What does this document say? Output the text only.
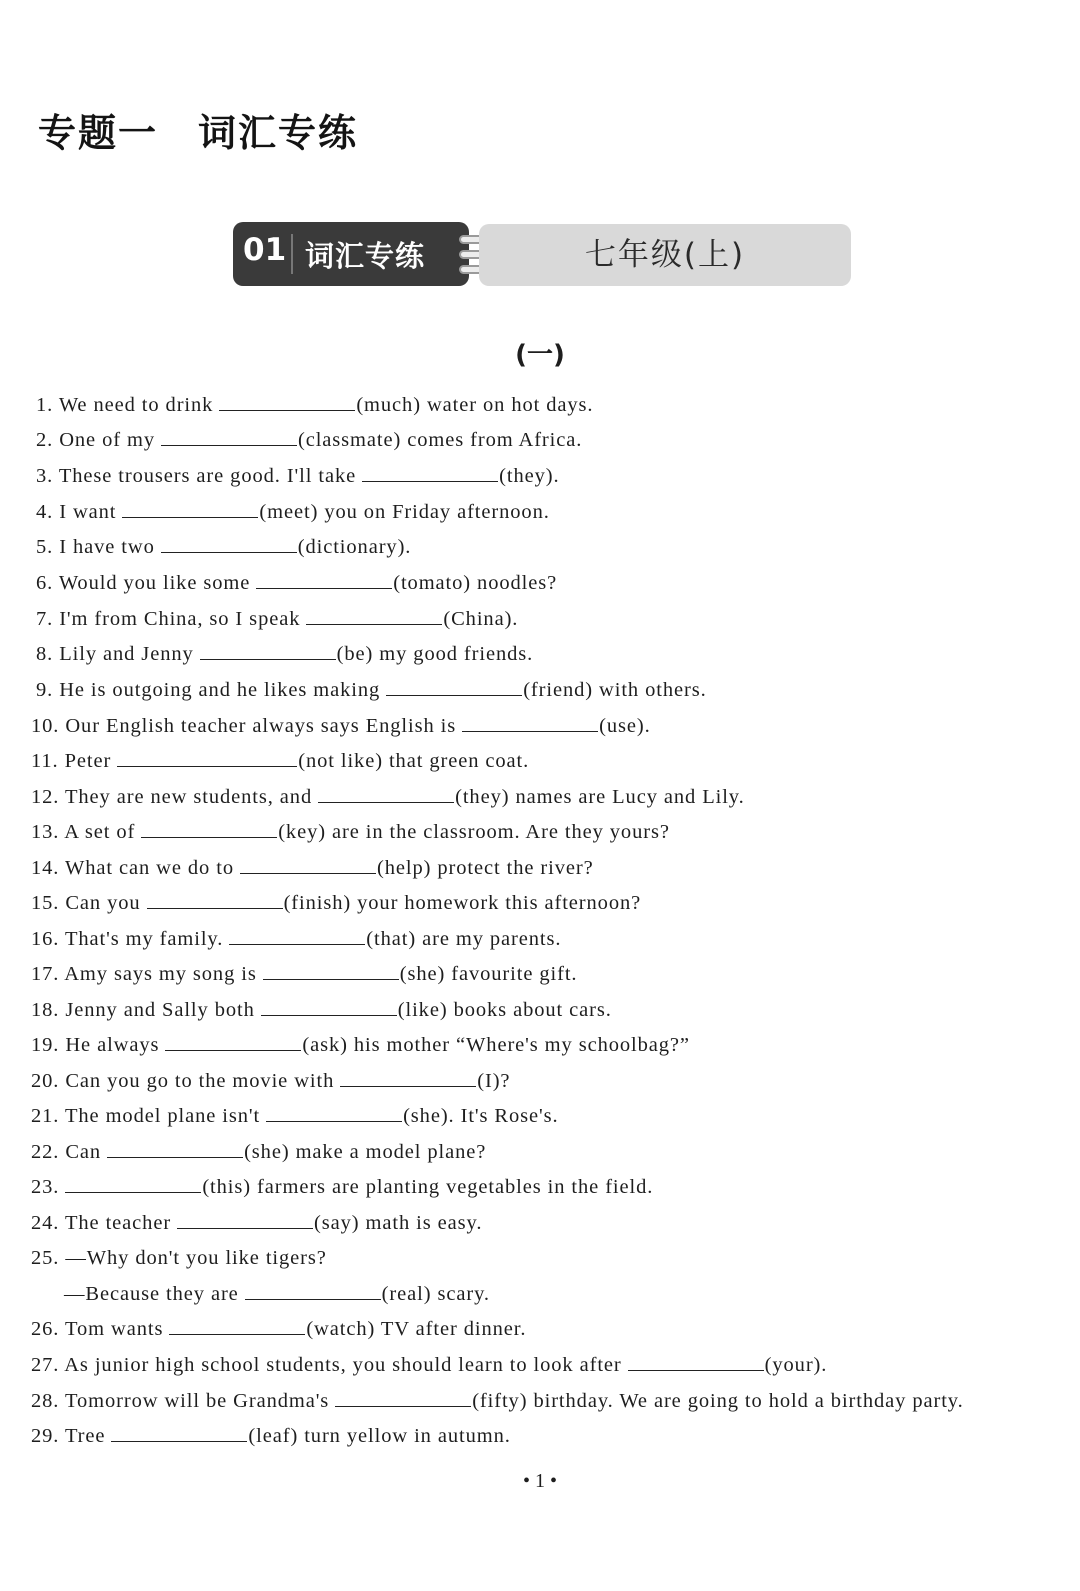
专题一　词汇专练
01 词汇专练	七年级(上)
(一)
1. We need to drink	(much) water on hot days.
2. One of my	(classmate) comes from Africa.
3. These trousers are good. I'll take	(they).
4. I want	(meet) you on Friday afternoon.
5. I have two	(dictionary).
6. Would you like some	(tomato) noodles?
7. I'm from China, so I speak	(China).
8. Lily and Jenny	(be) my good friends.
9. He is outgoing and he likes making	(friend) with others.
10. Our English teacher always says English is	(use).
11. Peter	(not like) that green coat.
12. They are new students, and	(they) names are Lucy and Lily.
13. A set of	(key) are in the classroom. Are they yours?
14. What can we do to	(help) protect the river?
15. Can you	(finish) your homework this afternoon?
16. That's my family.	(that) are my parents.
17. Amy says my song is	(she) favourite gift.
18. Jenny and Sally both	(like) books about cars.
19. He always	(ask) his mother “Where's my schoolbag?”
20. Can you go to the movie with	(I)?
21. The model plane isn't	(she). It's Rose's.
22. Can	(she) make a model plane?
23.	(this) farmers are planting vegetables in the field.
24. The teacher	(say) math is easy.
25. —Why don't you like tigers?
—Because they are	(real) scary.
26. Tom wants	(watch) TV after dinner.
27. As junior high school students, you should learn to look after	(your).
28. Tomorrow will be Grandma's	(fifty) birthday. We are going to hold a birthday party.
29. Tree	(leaf) turn yellow in autumn.
• 1 •
